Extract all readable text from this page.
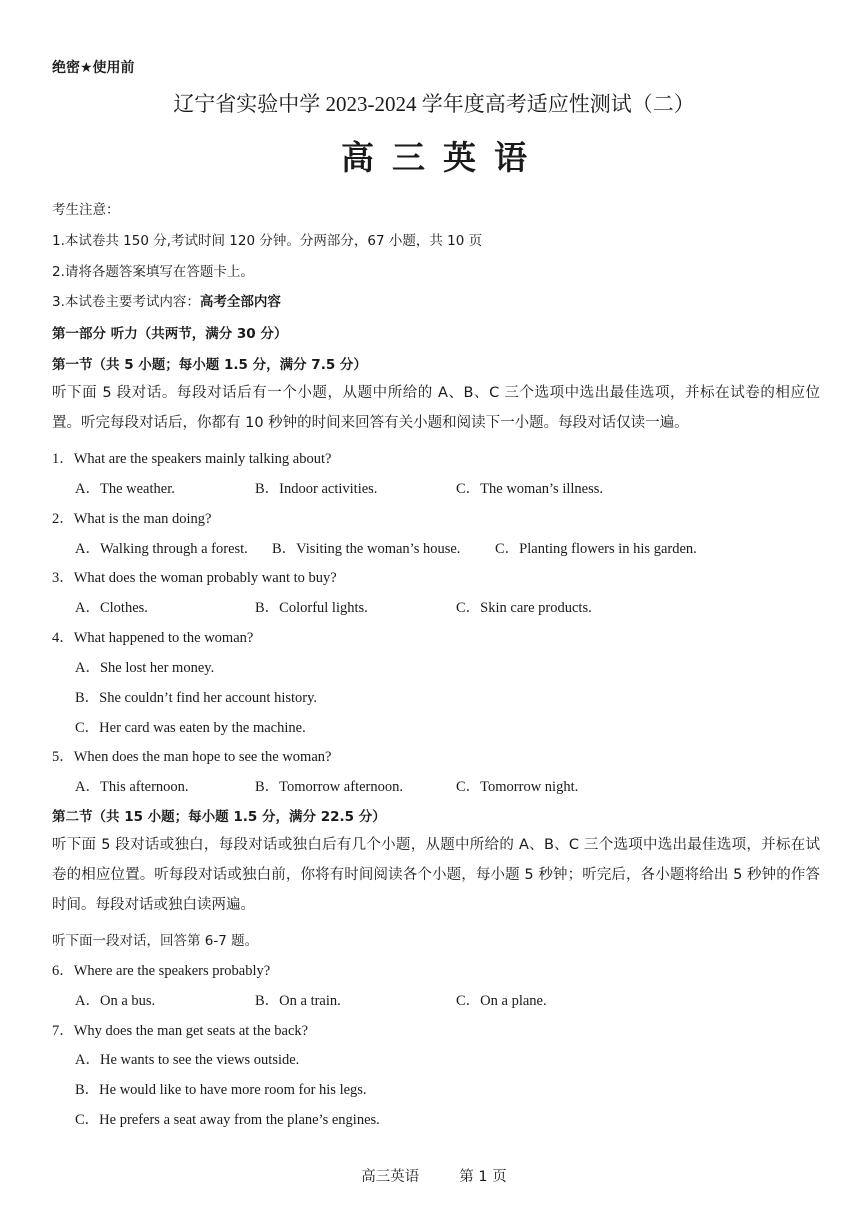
绝密★使用前
辽宁省实验中学 2023-2024 学年度高考适应性测试（二）
高三英语
考生注意：
1.本试卷共 150 分,考试时间 120 分钟。分两部分，67 小题，共 10 页
2.请将各题答案填写在答题卡上。
3.本试卷主要考试内容：高考全部内容
第一部分 听力（共两节，满分 30 分）
第一节（共 5 小题；每小题 1.5 分，满分 7.5 分）
听下面 5 段对话。每段对话后有一个小题，从题中所给的 A、B、C 三个选项中选出最佳选项，并标在试卷的相应位置。听完每段对话后，你都有 10 秒钟的时间来回答有关小题和阅读下一小题。每段对话仅读一遍。
1．What are the speakers mainly talking about?
A．The weather.	B．Indoor activities.	C．The woman’s illness.
2．What is the man doing?
A．Walking through a forest. B．Visiting the woman’s house. C．Planting flowers in his garden.
3．What does the woman probably want to buy?
A．Clothes.	B．Colorful lights.	C．Skin care products.
4．What happened to the woman?
A．She lost her money.
B．She couldn’t find her account history.
C．Her card was eaten by the machine.
5．When does the man hope to see the woman?
A．This afternoon.	B．Tomorrow afternoon.	C．Tomorrow night.
第二节（共 15 小题；每小题 1.5 分，满分 22.5 分）
听下面 5 段对话或独白，每段对话或独白后有几个小题，从题中所给的 A、B、C 三个选项中选出最佳选项，并标在试卷的相应位置。听每段对话或独白前，你将有时间阅读各个小题，每小题 5 秒钟；听完后，各小题将给出 5 秒钟的作答时间。每段对话或独白读两遍。
听下面一段对话，回答第 6-7 题。
6．Where are the speakers probably?
A．On a bus.	B．On a train.	C．On a plane.
7．Why does the man get seats at the back?
A．He wants to see the views outside.
B．He would like to have more room for his legs.
C．He prefers a seat away from the plane’s engines.
高三英语	第 1 页
